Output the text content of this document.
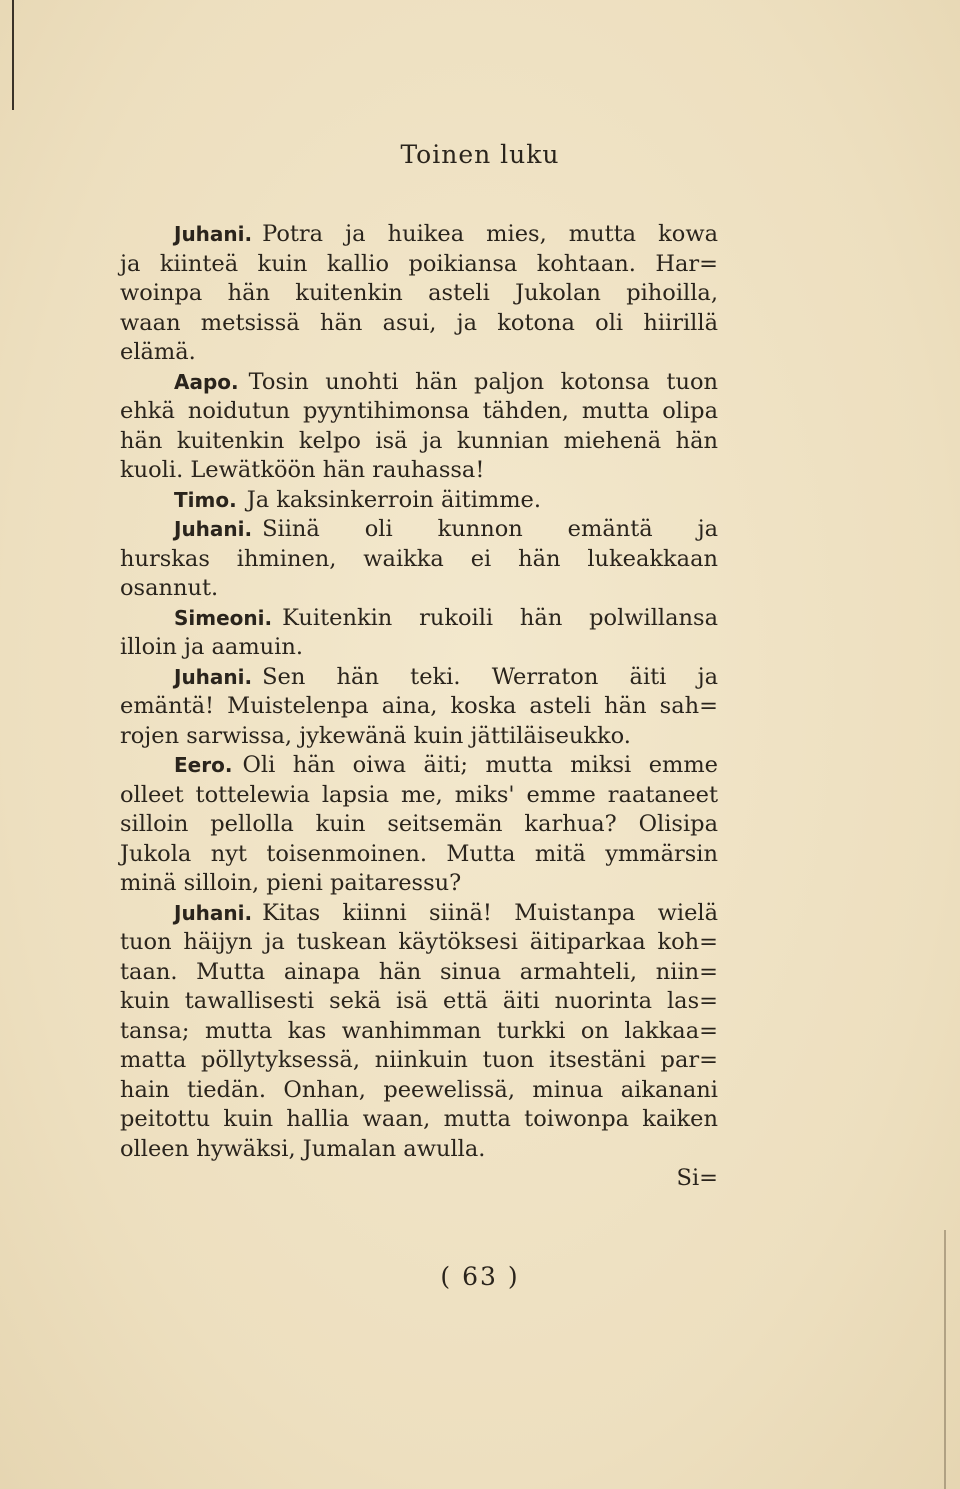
Toinen luku
Juhani. Potra ja huikea mies, mutta kowa
ja kiinteä kuin kallio poikiansa kohtaan. Har=
woinpa hän kuitenkin asteli Jukolan pihoilla,
waan metsissä hän asui, ja kotona oli hiirillä
elämä.
Aapo. Tosin unohti hän paljon kotonsa tuon
ehkä noidutun pyyntihimonsa tähden, mutta olipa
hän kuitenkin kelpo isä ja kunnian miehenä hän
kuoli. Lewätköön hän rauhassa!
Timo. Ja kaksinkerroin äitimme.
Juhani. Siinä oli kunnon emäntä ja
hurskas ihminen, waikka ei hän lukeakkaan
osannut.
Simeoni. Kuitenkin rukoili hän polwillansa
illoin ja aamuin.
Juhani. Sen hän teki. Werraton äiti ja
emäntä! Muistelenpa aina, koska asteli hän sah=
rojen sarwissa, jykewänä kuin jättiläiseukko.
Eero. Oli hän oiwa äiti; mutta miksi emme
olleet tottelewia lapsia me, miks' emme raataneet
silloin pellolla kuin seitsemän karhua? Olisipa
Jukola nyt toisenmoinen. Mutta mitä ymmärsin
minä silloin, pieni paitaressu?
Juhani. Kitas kiinni siinä! Muistanpa wielä
tuon häijyn ja tuskean käytöksesi äitiparkaa koh=
taan. Mutta ainapa hän sinua armahteli, niin=
kuin tawallisesti sekä isä että äiti nuorinta las=
tansa; mutta kas wanhimman turkki on lakkaa=
matta pöllytyksessä, niinkuin tuon itsestäni par=
hain tiedän. Onhan, peewelissä, minua aikanani
peitottu kuin hallia waan, mutta toiwonpa kaiken
olleen hywäksi, Jumalan awulla.
Si=
( 63 )
